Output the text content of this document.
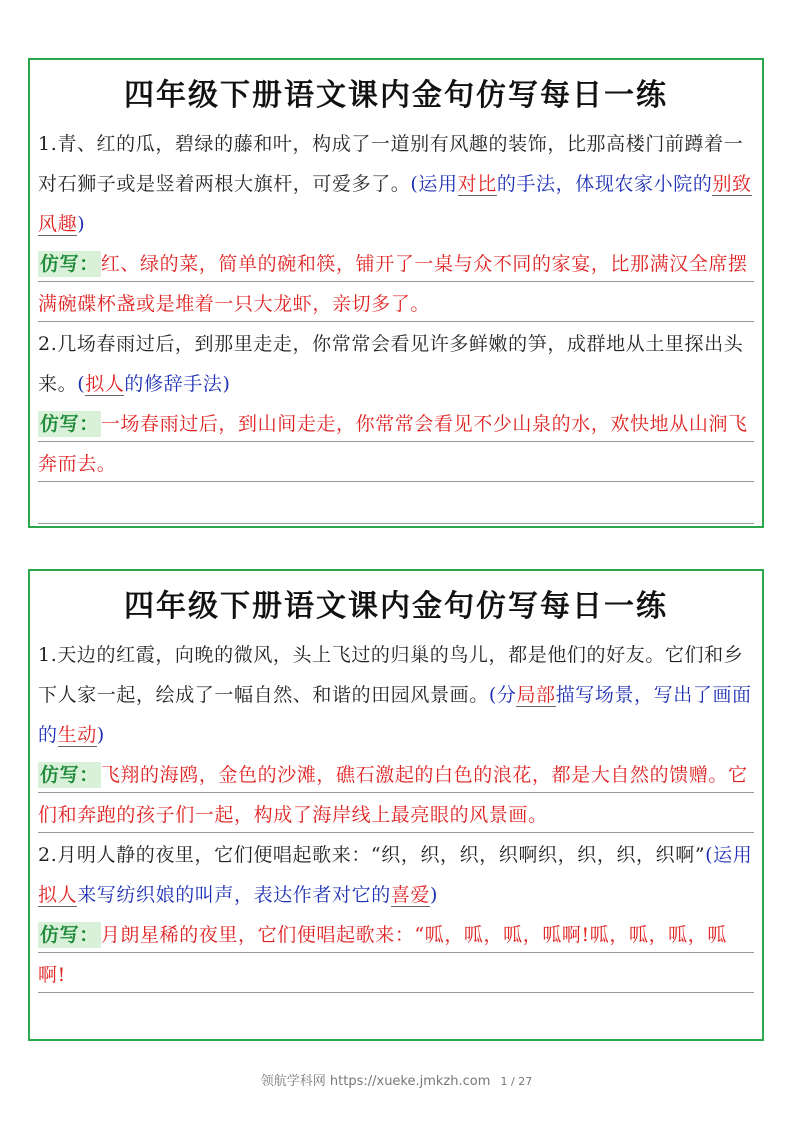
四年级下册语文课内金句仿写每日一练
1.青、红的瓜，碧绿的藤和叶，构成了一道别有风趣的装饰，比那高楼门前蹲着一对石狮子或是竖着两根大旗杆，可爱多了。(运用对比的手法，体现农家小院的别致风趣)
仿写： 红、绿的菜，简单的碗和筷，铺开了一桌与众不同的家宴，比那满汉全席摆满碗碟杯盏或是堆着一只大龙虾，亲切多了。
2.几场春雨过后，到那里走走，你常常会看见许多鲜嫩的笋，成群地从土里探出头来。(拟人的修辞手法)
仿写： 一场春雨过后，到山间走走，你常常会看见不少山泉的水，欢快地从山涧飞奔而去。
四年级下册语文课内金句仿写每日一练
1.天边的红霞，向晚的微风，头上飞过的归巢的鸟儿，都是他们的好友。它们和乡下人家一起，绘成了一幅自然、和谐的田园风景画。(分局部描写场景，写出了画面的生动)
仿写： 飞翔的海鸥，金色的沙滩，礁石激起的白色的浪花，都是大自然的馈赠。它们和奔跑的孩子们一起，构成了海岸线上最亮眼的风景画。
2.月明人静的夜里，它们便唱起歌来：“织，织，织，织啊织，织，织，织啊”(运用拟人来写纺织娘的叫声，表达作者对它的喜爱)
仿写： 月朗星稀的夜里，它们便唱起歌来：“呱，呱，呱，呱啊!呱，呱，呱，呱啊!
领航学科网 https://xueke.jmkzh.com 1 / 27
